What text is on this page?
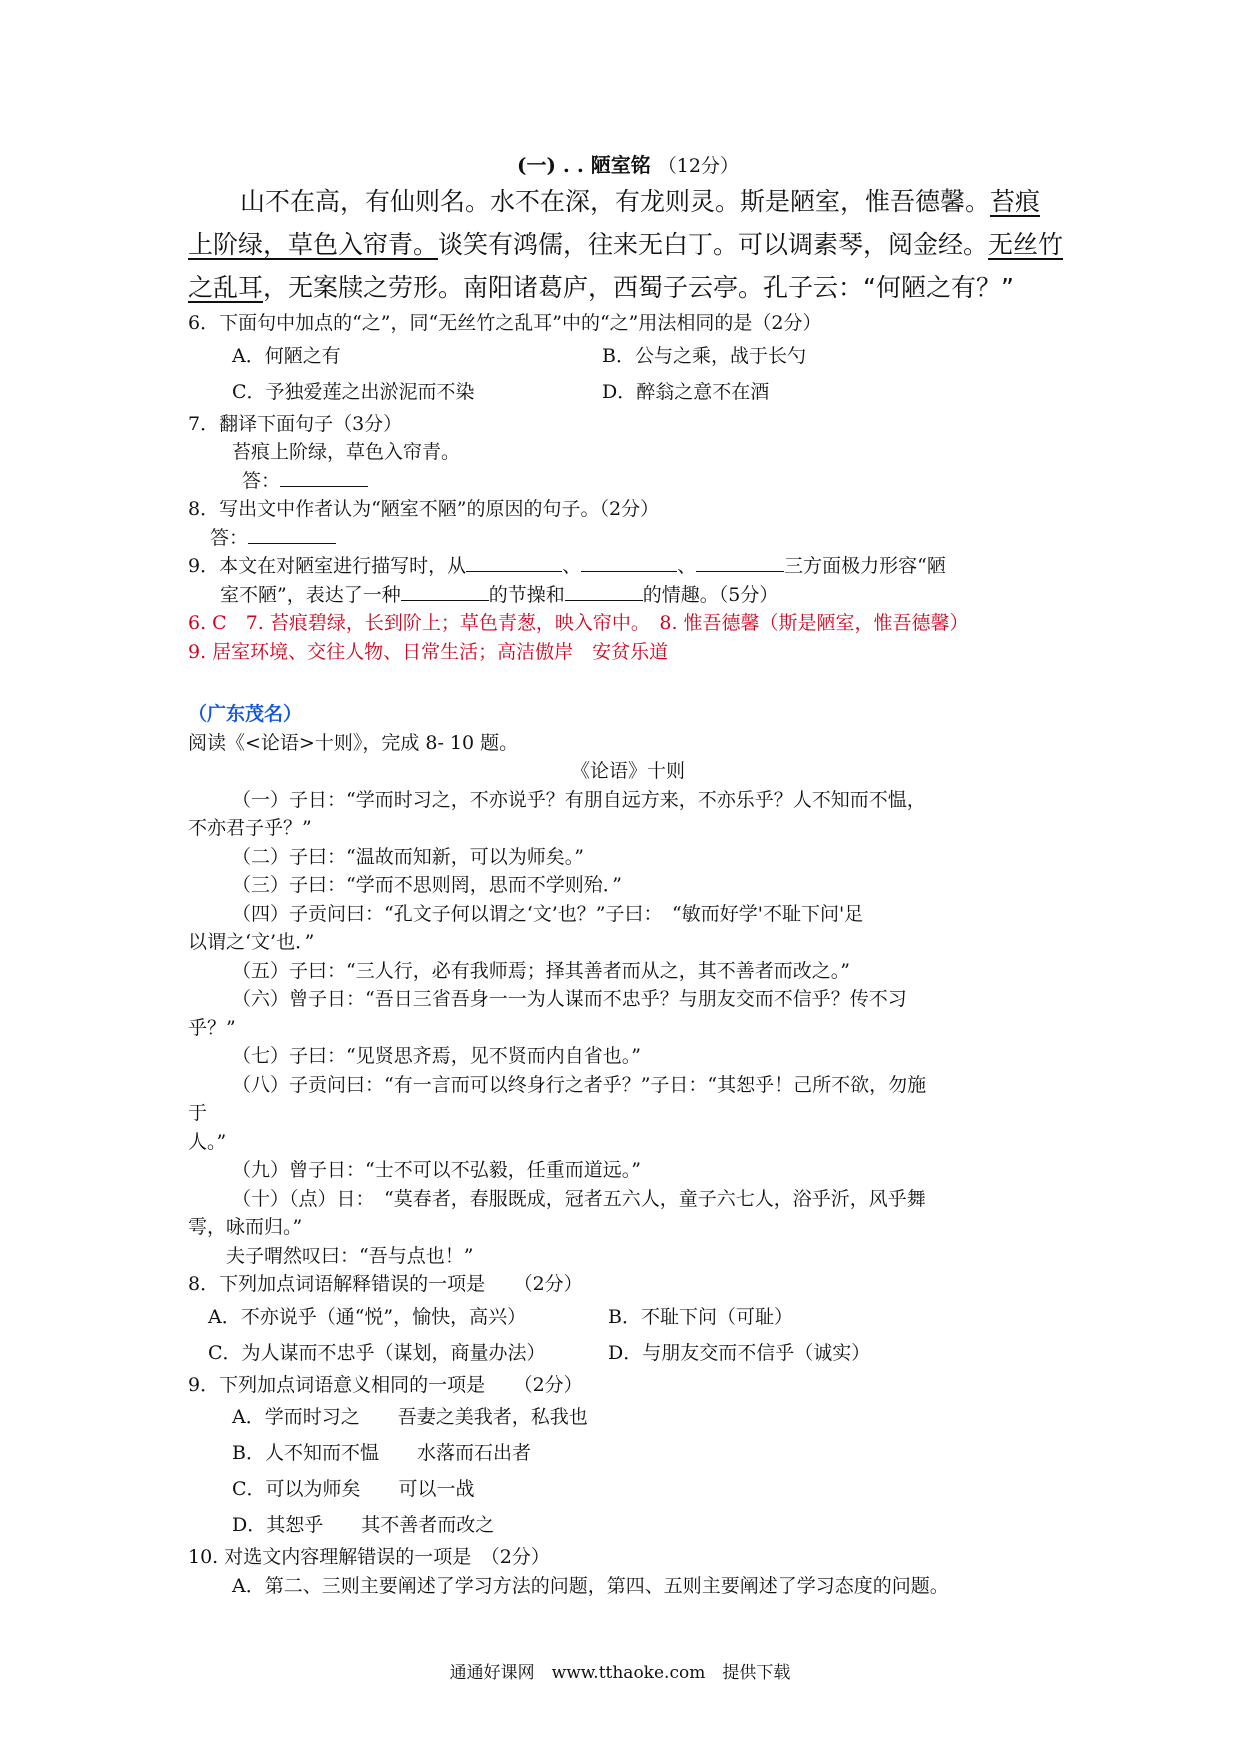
(一) . . 陋室铭 （12分）
山不在高，有仙则名。水不在深，有龙则灵。斯是陋室，惟吾德馨。苔痕
上阶绿，草色入帘青。谈笑有鸿儒，往来无白丁。可以调素琴，阅金经。无丝竹
之乱耳，无案牍之劳形。南阳诸葛庐，西蜀子云亭。孔子云：“何陋之有？”
6．下面句中加点的“之”，同“无丝竹之乱耳”中的“之”用法相同的是（2分）
A．何陋之有	B．公与之乘，战于长勺
C．予独爱莲之出淤泥而不染	D．醉翁之意不在酒
7．翻译下面句子（3分）
苔痕上阶绿，草色入帘青。
答：
8．写出文中作者认为“陋室不陋”的原因的句子。（2分）
答：
9．本文在对陋室进行描写时，从	、	、	三方面极力形容“陋
室不陋”，表达了一种	的节操和	的情趣。（5分）
6. C　7. 苔痕碧绿，长到阶上；草色青葱，映入帘中。　8. 惟吾德馨（斯是陋室，惟吾德馨）
9. 居室环境、交往人物、日常生活；高洁傲岸　安贫乐道
（广东茂名）
阅读《<论语>十则》，完成 8- 10 题。
《论语》十则
（一）子日：“学而时习之，不亦说乎？有朋自远方来，不亦乐乎？人不知而不愠，
不亦君子乎？”
（二）子曰：“温故而知新，可以为师矣。”
（三）子曰：“学而不思则罔，思而不学则殆．”
（四）子贡问曰：“孔文子何以谓之‘文’也？”子曰：　“敏而好学'不耻下问'足
以谓之‘文’也．”
（五）子曰：“三人行，必有我师焉；择其善者而从之，其不善者而改之。”
（六）曾子日：“吾日三省吾身一一为人谋而不忠乎？与朋友交而不信乎？传不习
乎？”
（七）子曰：“见贤思齐焉，见不贤而内自省也。”
（八）子贡问曰：“有一言而可以终身行之者乎？”子日：“其恕乎！己所不欲，勿施
于
人。”
（九）曾子日：“士不可以不弘毅，任重而道远。”
（十）（点）日：　“莫春者，春服既成，冠者五六人，童子六七人，浴乎沂，风乎舞
雩，咏而归。”
夫子喟然叹曰：“吾与点也！”
8．下列加点词语解释错误的一项是　　（2分）
A．不亦说乎（通“悦”，愉快，高兴）	B．不耻下问（可耻）
C．为人谋而不忠乎（谋划，商量办法）	D．与朋友交而不信乎（诚实）
9．下列加点词语意义相同的一项是　　（2分）
A．学而时习之　　吾妻之美我者，私我也
B．人不知而不愠　　水落而石出者
C．可以为师矣　　可以一战
D．其恕乎　　其不善者而改之
10. 对选文内容理解错误的一项是　（2分）
A．第二、三则主要阐述了学习方法的问题，第四、五则主要阐述了学习态度的问题。
通通好课网　www.tthaoke.com　提供下载
